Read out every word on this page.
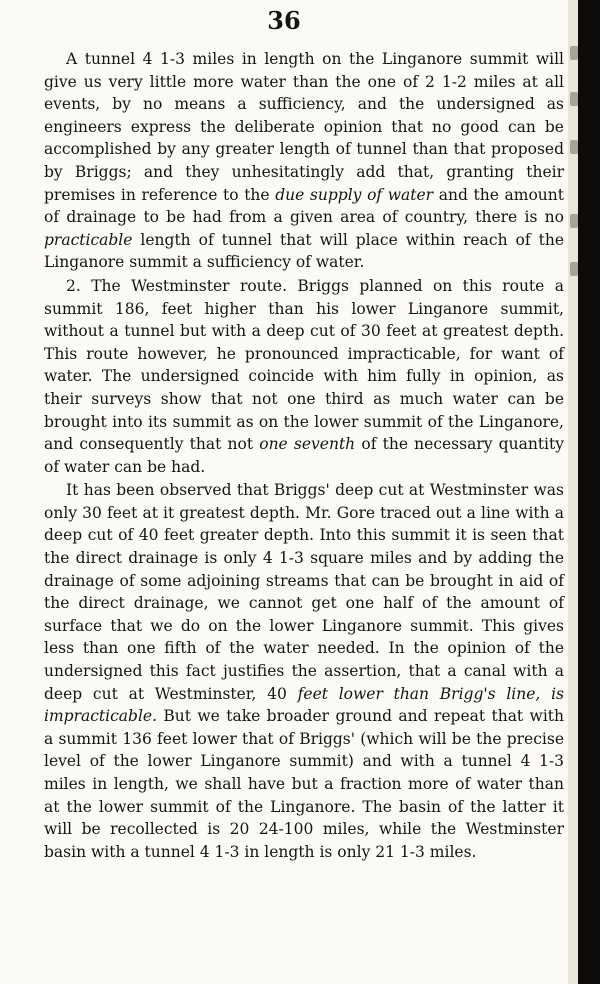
36

A tunnel 4 1-3 miles in length on the Linganore summit will give us very little more water than the one of 2 1-2 miles at all events, by no means a sufficiency, and the undersigned as engineers express the deliberate opinion that no good can be accomplished by any greater length of tunnel than that proposed by Briggs; and they unhesitatingly add that, granting their premises in reference to the due supply of water and the amount of drainage to be had from a given area of country, there is no practicable length of tunnel that will place within reach of the Linganore summit a sufficiency of water.

2. The Westminster route. Briggs planned on this route a summit 186, feet higher than his lower Linganore summit, without a tunnel but with a deep cut of 30 feet at greatest depth. This route however, he pronounced impracticable, for want of water. The undersigned coincide with him fully in opinion, as their surveys show that not one third as much water can be brought into its summit as on the lower summit of the Linganore, and consequently that not one seventh of the necessary quantity of water can be had.

It has been observed that Briggs' deep cut at Westminster was only 30 feet at it greatest depth. Mr. Gore traced out a line with a deep cut of 40 feet greater depth. Into this summit it is seen that the direct drainage is only 4 1-3 square miles and by adding the drainage of some adjoining streams that can be brought in aid of the direct drainage, we cannot get one half of the amount of surface that we do on the lower Linganore summit. This gives less than one fifth of the water needed. In the opinion of the undersigned this fact justifies the assertion, that a canal with a deep cut at Westminster, 40 feet lower than Brigg's line, is impracticable. But we take broader ground and repeat that with a summit 136 feet lower that of Briggs' (which will be the precise level of the lower Linganore summit) and with a tunnel 4 1-3 miles in length, we shall have but a fraction more of water than at the lower summit of the Linganore. The basin of the latter it will be recollected is 20 24-100 miles, while the Westminster basin with a tunnel 4 1-3 in length is only 21 1-3 miles.
